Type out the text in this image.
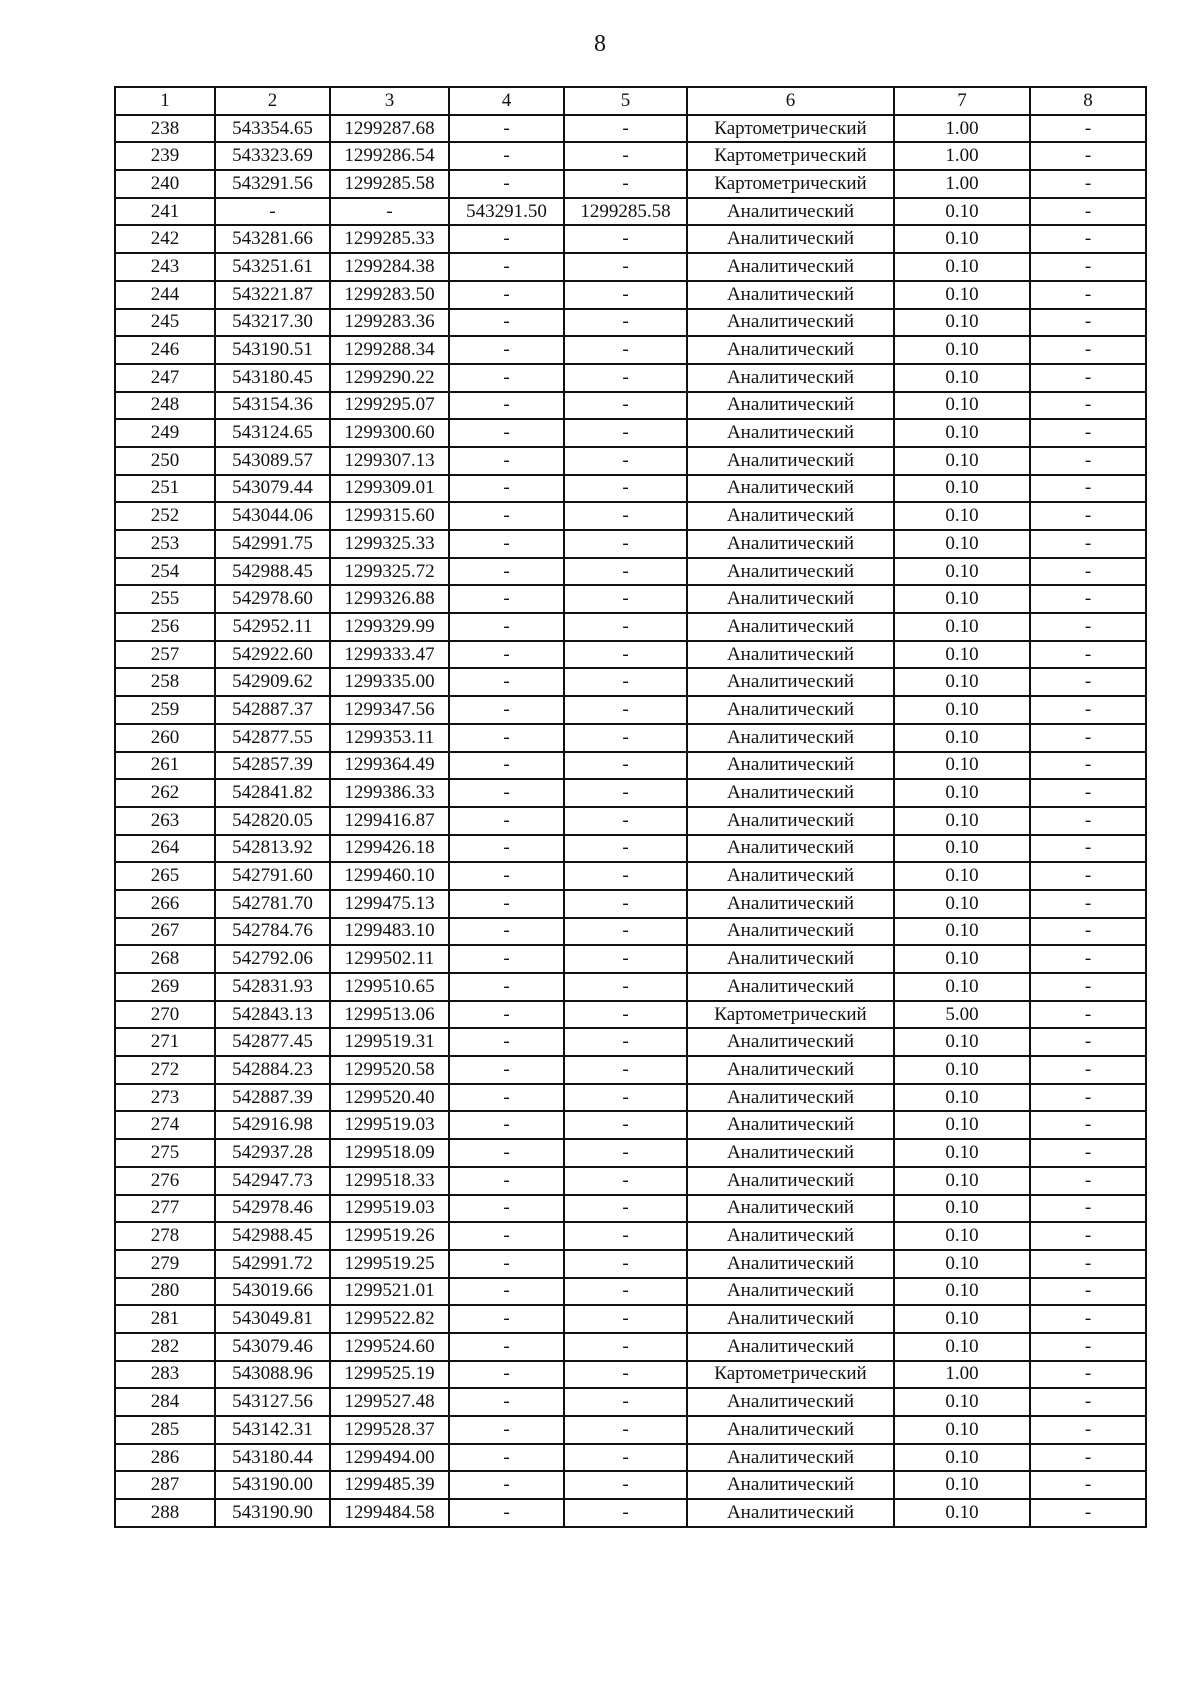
8
1	2	3	4	5	6	7	8
238	543354.65	1299287.68	-	-	Картометрический	1.00	-
239	543323.69	1299286.54	-	-	Картометрический	1.00	-
240	543291.56	1299285.58	-	-	Картометрический	1.00	-
241	-	-	543291.50	1299285.58	Аналитический	0.10	-
242	543281.66	1299285.33	-	-	Аналитический	0.10	-
243	543251.61	1299284.38	-	-	Аналитический	0.10	-
244	543221.87	1299283.50	-	-	Аналитический	0.10	-
245	543217.30	1299283.36	-	-	Аналитический	0.10	-
246	543190.51	1299288.34	-	-	Аналитический	0.10	-
247	543180.45	1299290.22	-	-	Аналитический	0.10	-
248	543154.36	1299295.07	-	-	Аналитический	0.10	-
249	543124.65	1299300.60	-	-	Аналитический	0.10	-
250	543089.57	1299307.13	-	-	Аналитический	0.10	-
251	543079.44	1299309.01	-	-	Аналитический	0.10	-
252	543044.06	1299315.60	-	-	Аналитический	0.10	-
253	542991.75	1299325.33	-	-	Аналитический	0.10	-
254	542988.45	1299325.72	-	-	Аналитический	0.10	-
255	542978.60	1299326.88	-	-	Аналитический	0.10	-
256	542952.11	1299329.99	-	-	Аналитический	0.10	-
257	542922.60	1299333.47	-	-	Аналитический	0.10	-
258	542909.62	1299335.00	-	-	Аналитический	0.10	-
259	542887.37	1299347.56	-	-	Аналитический	0.10	-
260	542877.55	1299353.11	-	-	Аналитический	0.10	-
261	542857.39	1299364.49	-	-	Аналитический	0.10	-
262	542841.82	1299386.33	-	-	Аналитический	0.10	-
263	542820.05	1299416.87	-	-	Аналитический	0.10	-
264	542813.92	1299426.18	-	-	Аналитический	0.10	-
265	542791.60	1299460.10	-	-	Аналитический	0.10	-
266	542781.70	1299475.13	-	-	Аналитический	0.10	-
267	542784.76	1299483.10	-	-	Аналитический	0.10	-
268	542792.06	1299502.11	-	-	Аналитический	0.10	-
269	542831.93	1299510.65	-	-	Аналитический	0.10	-
270	542843.13	1299513.06	-	-	Картометрический	5.00	-
271	542877.45	1299519.31	-	-	Аналитический	0.10	-
272	542884.23	1299520.58	-	-	Аналитический	0.10	-
273	542887.39	1299520.40	-	-	Аналитический	0.10	-
274	542916.98	1299519.03	-	-	Аналитический	0.10	-
275	542937.28	1299518.09	-	-	Аналитический	0.10	-
276	542947.73	1299518.33	-	-	Аналитический	0.10	-
277	542978.46	1299519.03	-	-	Аналитический	0.10	-
278	542988.45	1299519.26	-	-	Аналитический	0.10	-
279	542991.72	1299519.25	-	-	Аналитический	0.10	-
280	543019.66	1299521.01	-	-	Аналитический	0.10	-
281	543049.81	1299522.82	-	-	Аналитический	0.10	-
282	543079.46	1299524.60	-	-	Аналитический	0.10	-
283	543088.96	1299525.19	-	-	Картометрический	1.00	-
284	543127.56	1299527.48	-	-	Аналитический	0.10	-
285	543142.31	1299528.37	-	-	Аналитический	0.10	-
286	543180.44	1299494.00	-	-	Аналитический	0.10	-
287	543190.00	1299485.39	-	-	Аналитический	0.10	-
288	543190.90	1299484.58	-	-	Аналитический	0.10	-
